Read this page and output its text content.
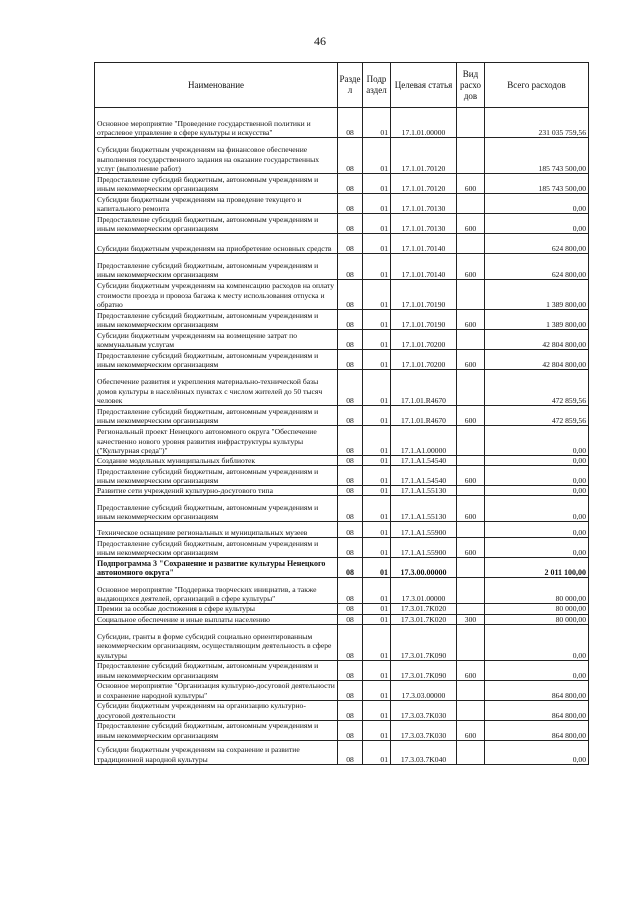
46
Наименование	Разде л	Подр аздел	Целевая статья	Вид расхо дов	Всего расходов
Основное мероприятие "Проведение государственной политики и отраслевое управление в сфере культуры и искусства"	08	01	17.1.01.00000		231 035 759,56
Субсидии бюджетным учреждениям на финансовое обеспечение выполнения государственного задания на оказание государственных услуг (выполнение работ)	08	01	17.1.01.70120		185 743 500,00
Предоставление субсидий бюджетным, автономным учреждениям и иным некоммерческим организациям	08	01	17.1.01.70120	600	185 743 500,00
Субсидии бюджетным учреждениям на проведение текущего и капитального ремонта	08	01	17.1.01.70130		0,00
Предоставление субсидий бюджетным, автономным учреждениям и иным некоммерческим организациям	08	01	17.1.01.70130	600	0,00
Субсидии бюджетным учреждениям на приобретение основных средств	08	01	17.1.01.70140		624 800,00
Предоставление субсидий бюджетным, автономным учреждениям и иным некоммерческим организациям	08	01	17.1.01.70140	600	624 800,00
Субсидии бюджетным учреждениям на компенсацию расходов на оплату стоимости проезда и провоза багажа к месту использования отпуска и обратно	08	01	17.1.01.70190		1 389 800,00
Предоставление субсидий бюджетным, автономным учреждениям и иным некоммерческим организациям	08	01	17.1.01.70190	600	1 389 800,00
Субсидии бюджетным учреждениям на возмещение затрат по коммунальным услугам	08	01	17.1.01.70200		42 804 800,00
Предоставление субсидий бюджетным, автономным учреждениям и иным некоммерческим организациям	08	01	17.1.01.70200	600	42 804 800,00
Обеспечение развития и укрепления материально-технической базы домов культуры в населённых пунктах с числом жителей до 50 тысяч человек	08	01	17.1.01.R4670		472 859,56
Предоставление субсидий бюджетным, автономным учреждениям и иным некоммерческим организациям	08	01	17.1.01.R4670	600	472 859,56
Региональный проект Ненецкого автономного округа "Обеспечение качественно нового уровня развития инфраструктуры культуры ("Культурная среда")"	08	01	17.1.A1.00000		0,00
Создание модельных муниципальных библиотек	08	01	17.1.A1.54540		0,00
Предоставление субсидий бюджетным, автономным учреждениям и иным некоммерческим организациям	08	01	17.1.A1.54540	600	0,00
Развитие сети учреждений культурно-досугового типа	08	01	17.1.A1.55130		0,00
Предоставление субсидий бюджетным, автономным учреждениям и иным некоммерческим организациям	08	01	17.1.A1.55130	600	0,00
Техническое оснащение региональных и муниципальных музеев	08	01	17.1.A1.55900		0,00
Предоставление субсидий бюджетным, автономным учреждениям и иным некоммерческим организациям	08	01	17.1.A1.55900	600	0,00
Подпрограмма 3 "Сохранение и развитие культуры Ненецкого автономного округа"	08	01	17.3.00.00000		2 011 100,00
Основное мероприятие "Поддержка творческих инициатив, а также выдающихся деятелей, организаций в сфере культуры"	08	01	17.3.01.00000		80 000,00
Премии за особые достижения в сфере культуры	08	01	17.3.01.7K020		80 000,00
Социальное обеспечение и иные выплаты населению	08	01	17.3.01.7K020	300	80 000,00
Субсидии, гранты в форме субсидий социально ориентированным некоммерческим организациям, осуществляющим деятельность в сфере культуры	08	01	17.3.01.7K090		0,00
Предоставление субсидий бюджетным, автономным учреждениям и иным некоммерческим организациям	08	01	17.3.01.7K090	600	0,00
Основное мероприятие "Организация культурно-досуговой деятельности и сохранение народной культуры"	08	01	17.3.03.00000		864 800,00
Субсидии бюджетным учреждениям на организацию культурно-досуговой деятельности	08	01	17.3.03.7K030		864 800,00
Предоставление субсидий бюджетным, автономным учреждениям и иным некоммерческим организациям	08	01	17.3.03.7K030	600	864 800,00
Субсидии бюджетным учреждениям на сохранение и развитие традиционной народной культуры	08	01	17.3.03.7K040		0,00
